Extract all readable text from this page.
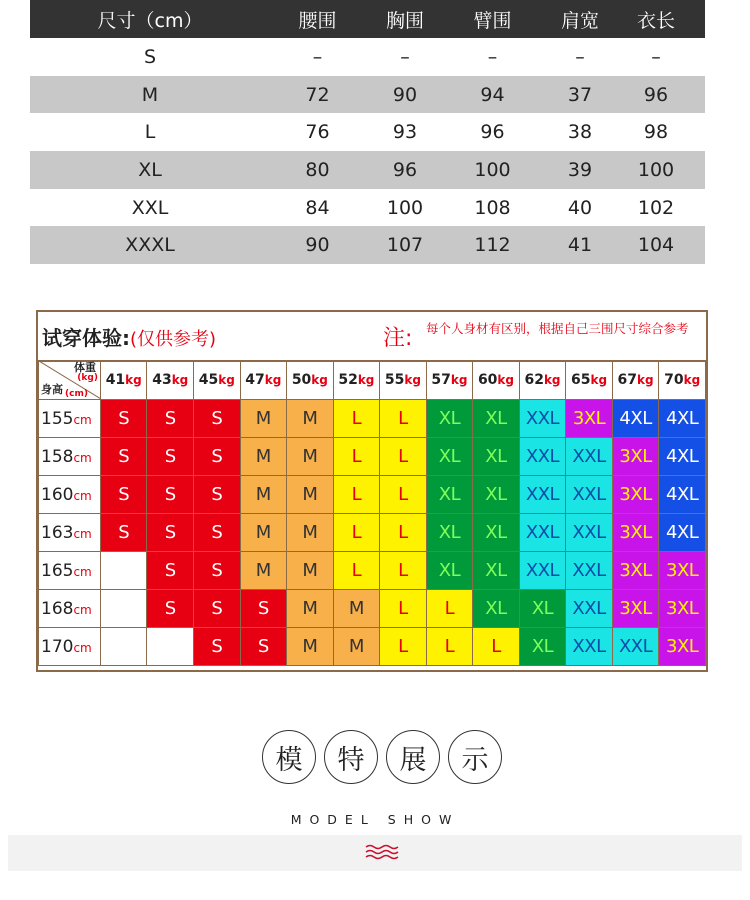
尺寸（cm）	腰围	胸围	臂围	肩宽	衣长
S	–	–	–	–	–
M	72	90	94	37	96
L	76	93	96	38	98
XL	80	96	100	39	100
XXL	84	100	108	40	102
XXXL	90	107	112	41	104
试穿体验:(仅供参考)	注: 每个人身材有区别，根据自己三围尺寸综合参考
体重
(kg)
身高 (cm)	41kg	43kg	45kg	47kg	50kg	52kg	55kg	57kg	60kg	62kg	65kg	67kg	70kg
155cm	S	S	S	M	M	L	L	XL	XL	XXL	3XL	4XL	4XL
158cm	S	S	S	M	M	L	L	XL	XL	XXL	XXL	3XL	4XL
160cm	S	S	S	M	M	L	L	XL	XL	XXL	XXL	3XL	4XL
163cm	S	S	S	M	M	L	L	XL	XL	XXL	XXL	3XL	4XL
165cm		S	S	M	M	L	L	XL	XL	XXL	XXL	3XL	3XL
168cm		S	S	S	M	M	L	L	XL	XL	XXL	3XL	3XL
170cm			S	S	M	M	L	L	L	XL	XXL	XXL	3XL
模	特	展	示
MODEL SHOW
